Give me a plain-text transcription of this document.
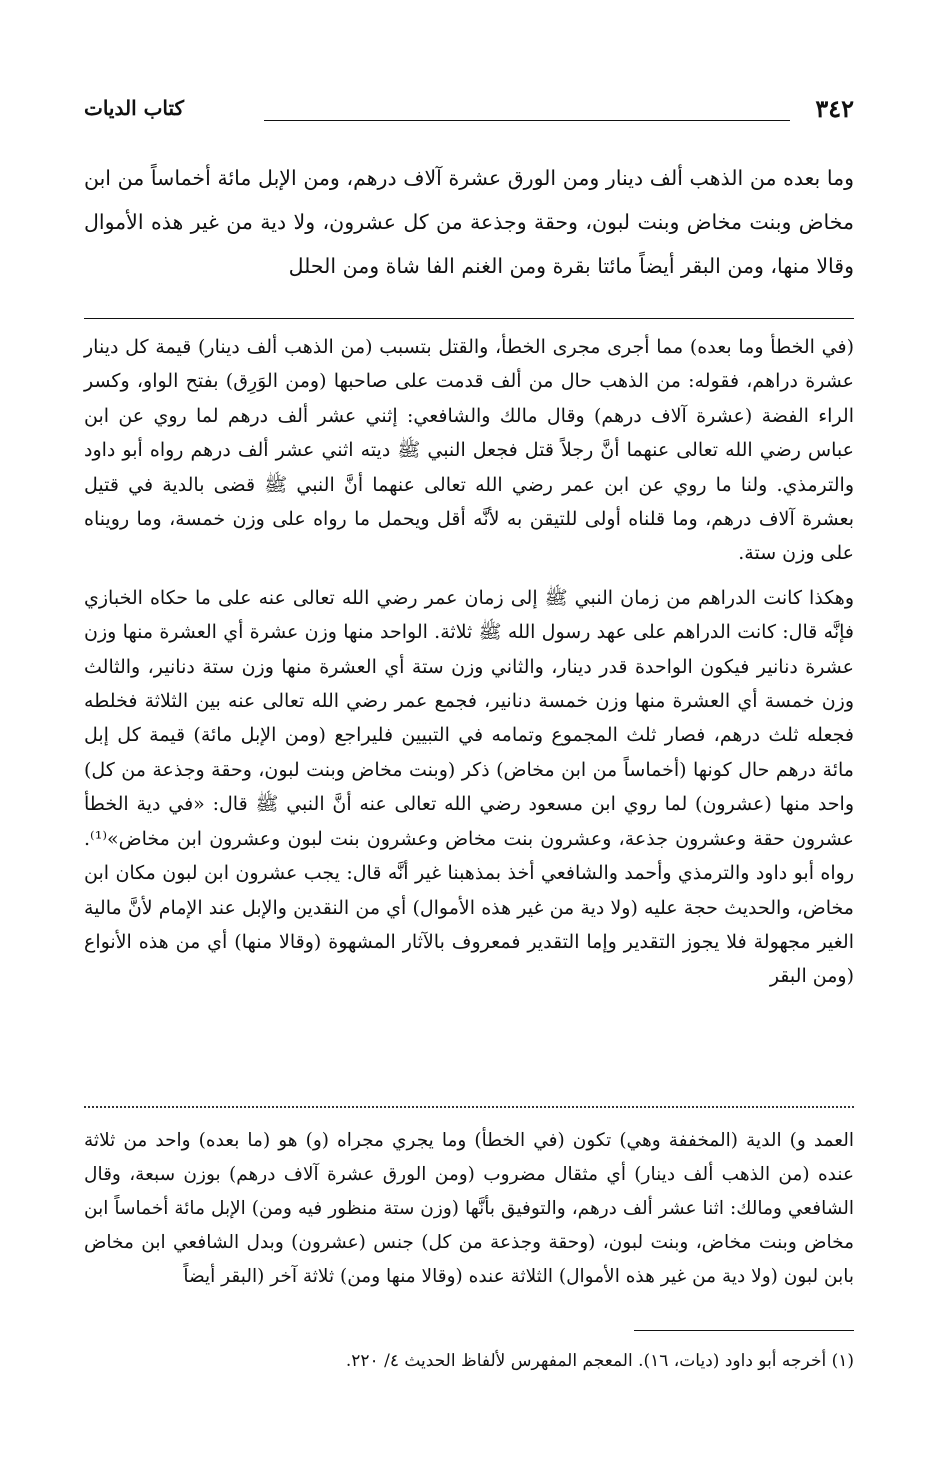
٣٤٢
كتاب الديات

وما بعده من الذهب ألف دينار ومن الورق عشرة آلاف درهم، ومن الإبل مائة أخماساً من ابن مخاض وبنت مخاض وبنت لبون، وحقة وجذعة من كل عشرون، ولا دية من غير هذه الأموال وقالا منها، ومن البقر أيضاً مائتا بقرة ومن الغنم الفا شاة ومن الحلل

(في الخطأ وما بعده) مما أجرى مجرى الخطأ، والقتل بتسبب (من الذهب ألف دينار) قيمة كل دينار عشرة دراهم، فقوله: من الذهب حال من ألف قدمت على صاحبها (ومن الوَرِق) بفتح الواو، وكسر الراء الفضة (عشرة آلاف درهم) وقال مالك والشافعي: إثني عشر ألف درهم لما روي عن ابن عباس رضي الله تعالى عنهما أنَّ رجلاً قتل فجعل النبي ﷺ ديته اثني عشر ألف درهم رواه أبو داود والترمذي. ولنا ما روي عن ابن عمر رضي الله تعالى عنهما أنَّ النبي ﷺ قضى بالدية في قتيل بعشرة آلاف درهم، وما قلناه أولى للتيقن به لأنَّه أقل ويحمل ما رواه على وزن خمسة، وما رويناه على وزن ستة.

وهكذا كانت الدراهم من زمان النبي ﷺ إلى زمان عمر رضي الله تعالى عنه على ما حكاه الخبازي فإنَّه قال: كانت الدراهم على عهد رسول الله ﷺ ثلاثة. الواحد منها وزن عشرة أي العشرة منها وزن عشرة دنانير فيكون الواحدة قدر دينار، والثاني وزن ستة أي العشرة منها وزن ستة دنانير، والثالث وزن خمسة أي العشرة منها وزن خمسة دنانير، فجمع عمر رضي الله تعالى عنه بين الثلاثة فخلطه فجعله ثلث درهم، فصار ثلث المجموع وتمامه في التبيين فليراجع (ومن الإبل مائة) قيمة كل إبل مائة درهم حال كونها (أخماساً من ابن مخاض) ذكر (وبنت مخاض وبنت لبون، وحقة وجذعة من كل) واحد منها (عشرون) لما روي ابن مسعود رضي الله تعالى عنه أنَّ النبي ﷺ قال: «في دية الخطأ عشرون حقة وعشرون جذعة، وعشرون بنت مخاض وعشرون بنت لبون وعشرون ابن مخاض»⁽¹⁾. رواه أبو داود والترمذي وأحمد والشافعي أخذ بمذهبنا غير أنَّه قال: يجب عشرون ابن لبون مكان ابن مخاض، والحديث حجة عليه (ولا دية من غير هذه الأموال) أي من النقدين والإبل عند الإمام لأنَّ مالية الغير مجهولة فلا يجوز التقدير وإما التقدير فمعروف بالآثار المشهوة (وقالا منها) أي من هذه الأنواع (ومن البقر

العمد و) الدية (المخففة وهي) تكون (في الخطأ) وما يجري مجراه (و) هو (ما بعده) واحد من ثلاثة عنده (من الذهب ألف دينار) أي مثقال مضروب (ومن الورق عشرة آلاف درهم) بوزن سبعة، وقال الشافعي ومالك: اثنا عشر ألف درهم، والتوفيق بأنَّها (وزن ستة منظور فيه ومن) الإبل مائة أخماساً ابن مخاض وبنت مخاض، وبنت لبون، (وحقة وجذعة من كل) جنس (عشرون) وبدل الشافعي ابن مخاض بابن لبون (ولا دية من غير هذه الأموال) الثلاثة عنده (وقالا منها ومن) ثلاثة آخر (البقر أيضاً

(١) أخرجه أبو داود (ديات، ١٦). المعجم المفهرس لألفاظ الحديث ٤/ ٢٢٠.
